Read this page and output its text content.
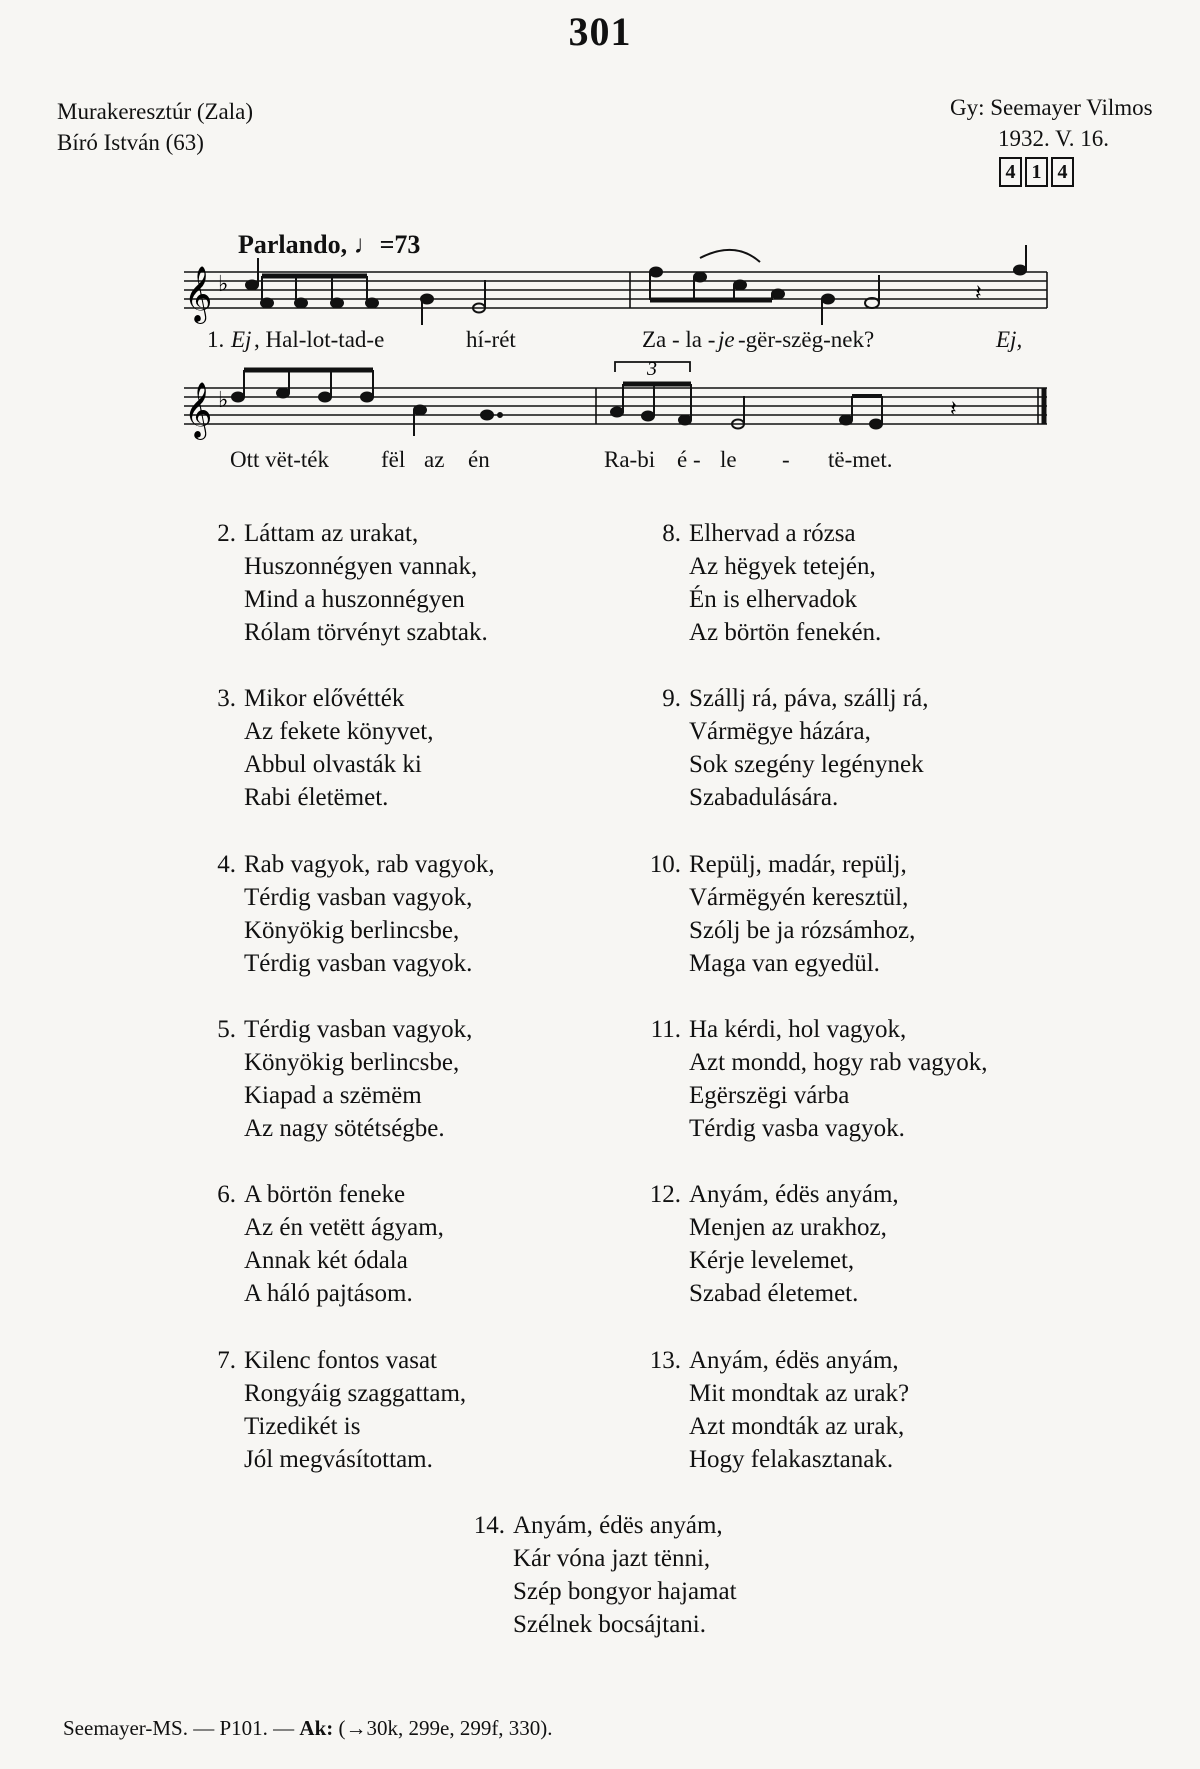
301
Murakeresztúr (Zala)
Bíró István (63)
Gy: Seemayer Vilmos
1932. V. 16.
4 1 4
Parlando, ♩=73
𝄞 ♭	𝄽
𝄞 ♭	𝄽
3
1. Ej , Hal-lot-tad-e	hí-rét	Za - la - je -gër-szëg-nek?	Ej,
Ott vët-ték fël az én	Ra-bi é - le - të-met.
2. Láttam az urakat,
Huszonnégyen vannak,
Mind a huszonnégyen
Rólam törvényt szabtak.
3. Mikor elővétték
Az fekete könyvet,
Abbul olvasták ki
Rabi életëmet.
4. Rab vagyok, rab vagyok,
Térdig vasban vagyok,
Könyökig berlincsbe,
Térdig vasban vagyok.
5. Térdig vasban vagyok,
Könyökig berlincsbe,
Kiapad a szëmëm
Az nagy sötétségbe.
6. A börtön feneke
Az én vetëtt ágyam,
Annak két ódala
A háló pajtásom.
7. Kilenc fontos vasat
Rongyáig szaggattam,
Tizedikét is
Jól megvásítottam.
8. Elhervad a rózsa
Az hëgyek tetején,
Én is elhervadok
Az börtön fenekén.
9. Szállj rá, páva, szállj rá,
Vármëgye házára,
Sok szegény legénynek
Szabadulására.
10. Repülj, madár, repülj,
Vármëgyén keresztül,
Szólj be ja rózsámhoz,
Maga van egyedül.
11. Ha kérdi, hol vagyok,
Azt mondd, hogy rab vagyok,
Egërszëgi várba
Térdig vasba vagyok.
12. Anyám, édës anyám,
Menjen az urakhoz,
Kérje levelemet,
Szabad életemet.
13. Anyám, édës anyám,
Mit mondtak az urak?
Azt mondták az urak,
Hogy felakasztanak.
14. Anyám, édës anyám,
Kár vóna jazt tënni,
Szép bongyor hajamat
Szélnek bocsájtani.
Seemayer-MS. — P101. — Ak: (→30k, 299e, 299f, 330).
